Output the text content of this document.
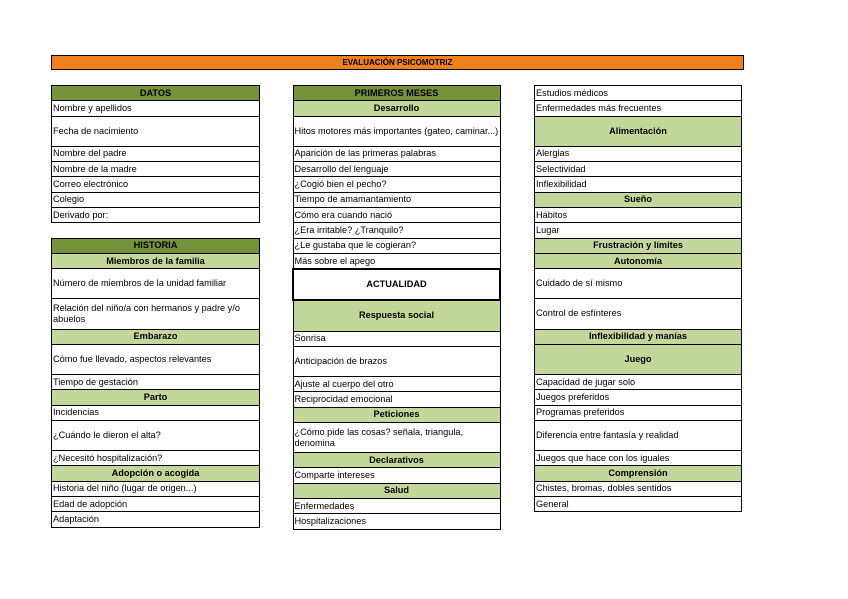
EVALUACIÓN PSICOMOTRIZ
DATOS
Nombre y apellidos
Fecha de nacimiento
Nombre del padre
Nombre de la madre
Correo electrónico
Colegio
Derivado por:

HISTORIA
Miembros de la familia
Número de miembros de la unidad familiar
Relación del niño/a con hermanos y padre y/o abuelos
Embarazo
Cómo fue llevado, aspectos relevantes
Tiempo de gestación
Parto
Incidencias
¿Cuándo le dieron el alta?
¿Necesitó hospitalización?
Adopción o acogida
Historia del niño (lugar de origen...)
Edad de adopción
Adaptación
PRIMEROS MESES
Desarrollo
Hitos motores más importantes (gateo, caminar...)
Aparición de las primeras palabras
Desarrollo del lenguaje
¿Cogió bien el pecho?
Tiempo de amamantamiento
Cómo era cuando nació
¿Era irritable? ¿Tranquilo?
¿Le gustaba que le cogieran?
Más sobre el apego
ACTUALIDAD
Respuesta social
Sonrisa
Anticipación de brazos
Ajuste al cuerpo del otro
Reciprocidad emocional
Peticiones
¿Cómo pide las cosas? señala, triangula, denomina
Declarativos
Comparte intereses
Salud
Enfermedades
Hospitalizaciones
Estudios médicos
Enfermedades más frecuentes
Alimentación
Alergias
Selectividad
Inflexibilidad
Sueño
Hábitos
Lugar
Frustración y límites
Autonomía
Cuidado de sí mismo
Control de esfínteres
Inflexibilidad y manías
Juego
Capacidad de jugar solo
Juegos preferidos
Programas preferidos
Diferencia entre fantasía y realidad
Juegos que hace con los iguales
Comprensión
Chistes, bromas, dobles sentidos
General
